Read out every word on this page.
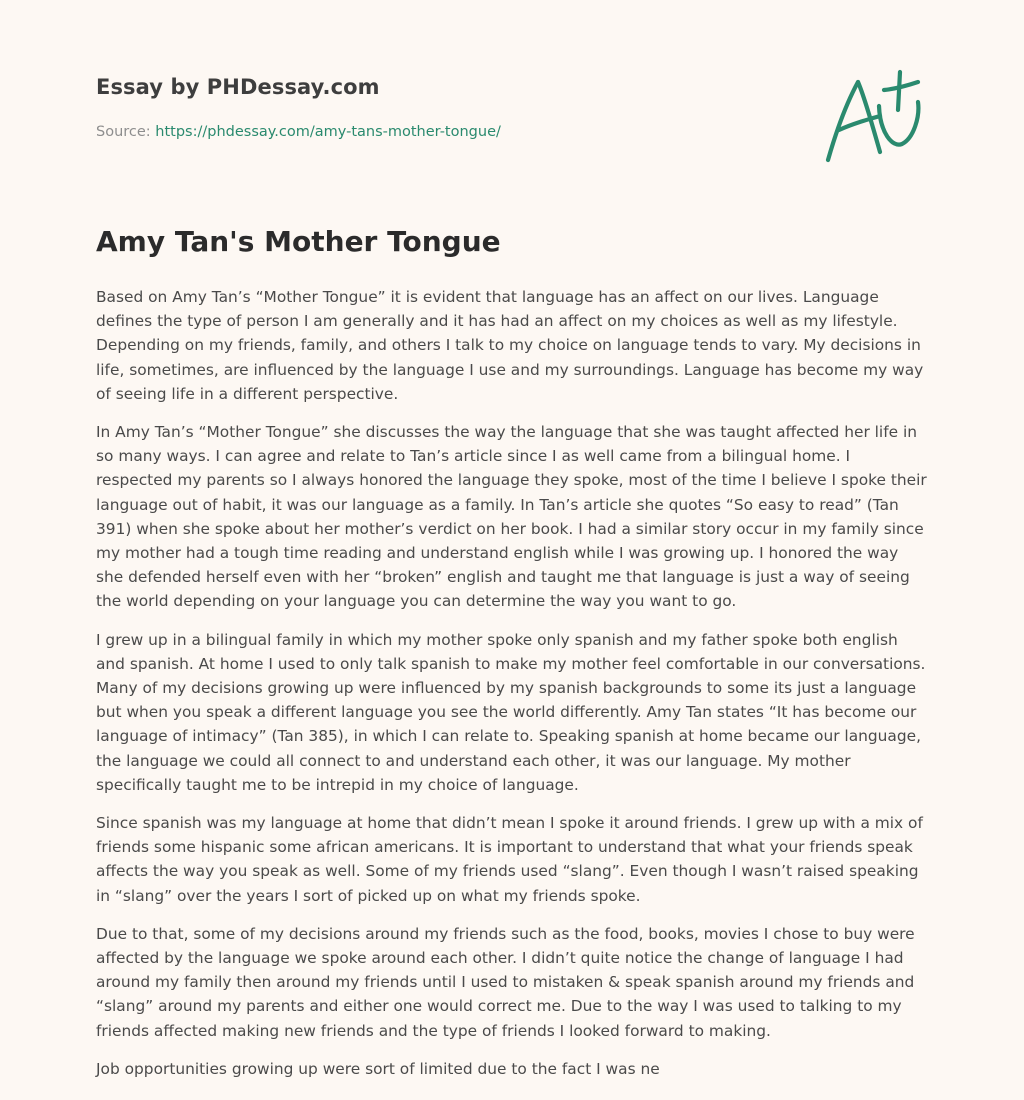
Essay by PHDessay.com

Source: https://phdessay.com/amy-tans-mother-tongue/

Amy Tan's Mother Tongue

Based on Amy Tan’s “Mother Tongue” it is evident that language has an affect on our lives. Language defines the type of person I am generally and it has had an affect on my choices as well as my lifestyle. Depending on my friends, family, and others I talk to my choice on language tends to vary. My decisions in life, sometimes, are influenced by the language I use and my surroundings. Language has become my way of seeing life in a different perspective.

In Amy Tan’s “Mother Tongue” she discusses the way the language that she was taught affected her life in so many ways. I can agree and relate to Tan’s article since I as well came from a bilingual home. I respected my parents so I always honored the language they spoke, most of the time I believe I spoke their language out of habit, it was our language as a family. In Tan’s article she quotes “So easy to read” (Tan 391) when she spoke about her mother’s verdict on her book. I had a similar story occur in my family since my mother had a tough time reading and understand english while I was growing up. I honored the way she defended herself even with her “broken” english and taught me that language is just a way of seeing the world depending on your language you can determine the way you want to go.

I grew up in a bilingual family in which my mother spoke only spanish and my father spoke both english and spanish. At home I used to only talk spanish to make my mother feel comfortable in our conversations. Many of my decisions growing up were influenced by my spanish backgrounds to some its just a language but when you speak a different language you see the world differently. Amy Tan states “It has become our language of intimacy” (Tan 385), in which I can relate to. Speaking spanish at home became our language, the language we could all connect to and understand each other, it was our language. My mother specifically taught me to be intrepid in my choice of language.

Since spanish was my language at home that didn’t mean I spoke it around friends. I grew up with a mix of friends some hispanic some african americans. It is important to understand that what your friends speak affects the way you speak as well. Some of my friends used “slang”. Even though I wasn’t raised speaking in “slang” over the years I sort of picked up on what my friends spoke.

Due to that, some of my decisions around my friends such as the food, books, movies I chose to buy were affected by the language we spoke around each other. I didn’t quite notice the change of language I had around my family then around my friends until I used to mistaken & speak spanish around my friends and “slang” around my parents and either one would correct me. Due to the way I was used to talking to my friends affected making new friends and the type of friends I looked forward to making.

Job opportunities growing up were sort of limited due to the fact I was ne
